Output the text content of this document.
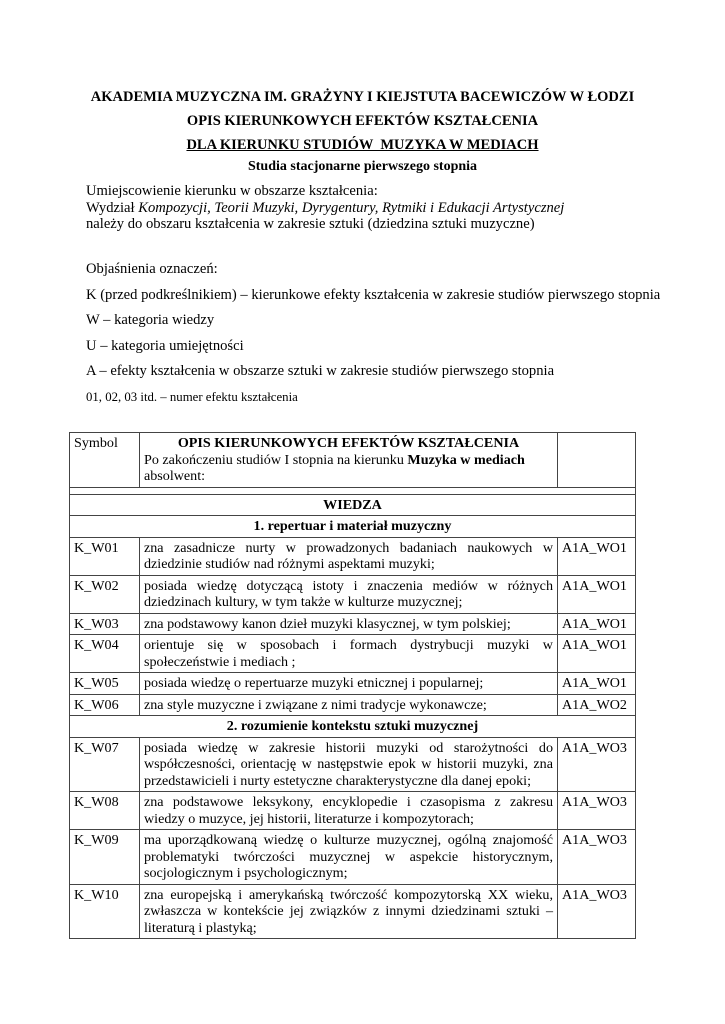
AKADEMIA MUZYCZNA IM. GRAŻYNY I KIEJSTUTA BACEWICZÓW W ŁODZI
OPIS KIERUNKOWYCH EFEKTÓW KSZTAŁCENIA
DLA KIERUNKU STUDIÓW  MUZYKA W MEDIACH
Studia stacjonarne pierwszego stopnia
Umiejscowienie kierunku w obszarze kształcenia:
Wydział Kompozycji, Teorii Muzyki, Dyrygentury, Rytmiki i Edukacji Artystycznej
należy do obszaru kształcenia w zakresie sztuki (dziedzina sztuki muzyczne)

Objaśnienia oznaczeń:

K (przed podkreślnikiem) – kierunkowe efekty kształcenia w zakresie studiów pierwszego stopnia

W – kategoria wiedzy

U – kategoria umiejętności

A – efekty kształcenia w obszarze sztuki w zakresie studiów pierwszego stopnia

01, 02, 03 itd. – numer efektu kształcenia

Symbol	OPIS KIERUNKOWYCH EFEKTÓW KSZTAŁCENIA
Po zakończeniu studiów I stopnia na kierunku Muzyka w mediach
absolwent:	

WIEDZA		
1. repertuar i materiał muzyczny		
K_W01	zna zasadnicze nurty w prowadzonych badaniach naukowych w dziedzinie studiów nad różnymi aspektami muzyki;	A1A_WO1
K_W02	posiada wiedzę dotyczącą istoty i znaczenia mediów w różnych dziedzinach kultury, w tym także w kulturze muzycznej;	A1A_WO1
K_W03	zna podstawowy kanon dzieł muzyki klasycznej, w tym polskiej;	A1A_WO1
K_W04	orientuje się w sposobach i formach dystrybucji muzyki w społeczeństwie i mediach ;	A1A_WO1
K_W05	posiada wiedzę o repertuarze muzyki etnicznej i popularnej;	A1A_WO1
K_W06	zna style muzyczne i związane z nimi tradycje wykonawcze;	A1A_WO2
2. rozumienie kontekstu sztuki muzycznej		
K_W07	posiada wiedzę w zakresie historii muzyki od starożytności do współczesności, orientację w następstwie epok w historii muzyki, zna przedstawicieli i nurty estetyczne charakterystyczne dla danej epoki;	A1A_WO3
K_W08	zna podstawowe leksykony, encyklopedie i czasopisma z zakresu wiedzy o muzyce, jej historii, literaturze i kompozytorach;	A1A_WO3
K_W09	ma uporządkowaną wiedzę o kulturze muzycznej, ogólną znajomość problematyki twórczości muzycznej w aspekcie historycznym, socjologicznym i psychologicznym;	A1A_WO3
K_W10	zna europejską i amerykańską twórczość kompozytorską XX wieku, zwłaszcza w kontekście jej związków z innymi dziedzinami sztuki – literaturą i plastyką;	A1A_WO3
